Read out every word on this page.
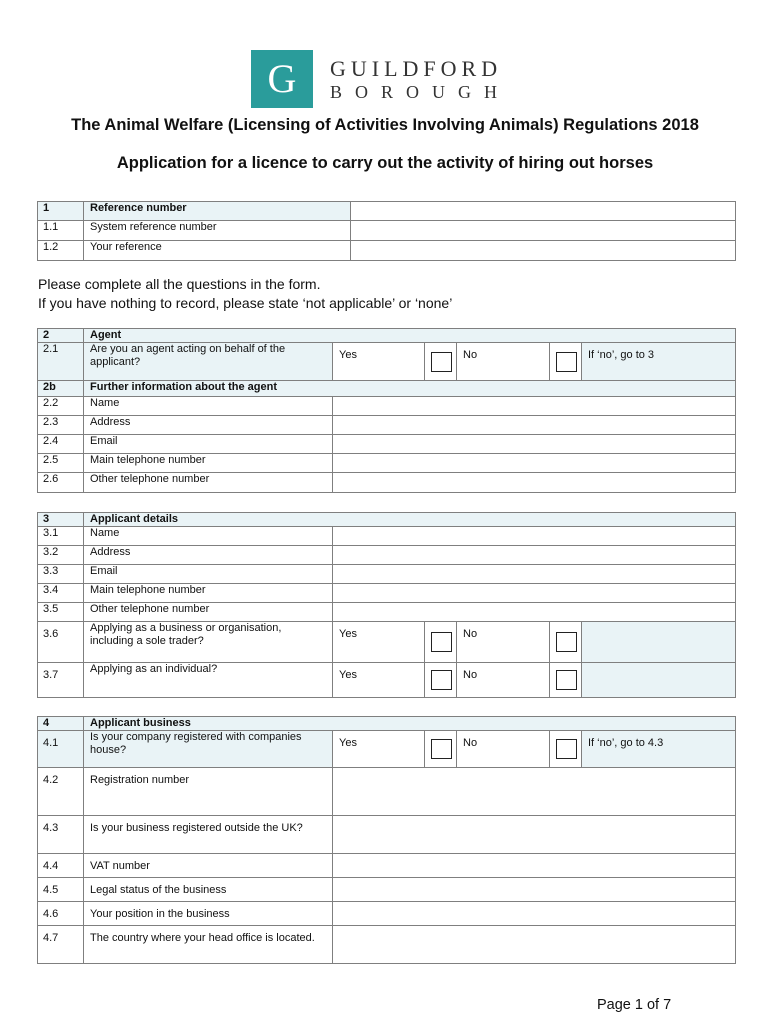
G	GUILDFORD
BOROUGH
The Animal Welfare (Licensing of Activities Involving Animals) Regulations 2018
Application for a licence to carry out the activity of hiring out horses
1	Reference number	
1.1	System reference number	
1.2	Your reference	
Please complete all the questions in the form.
If you have nothing to record, please state ‘not applicable’ or ‘none’
2	Agent					
2.1	Are you an agent acting on behalf of the applicant?	Yes		No		If ‘no’, go to 3
2b	Further information about the agent					
2.2	Name					
2.3	Address					
2.4	Email					
2.5	Main telephone number					
2.6	Other telephone number					
3	Applicant details					
3.1	Name					
3.2	Address					
3.3	Email					
3.4	Main telephone number					
3.5	Other telephone number					
3.6	Applying as a business or organisation, including a sole trader?	Yes		No		
3.7	Applying as an individual?	Yes		No		
4	Applicant business					
4.1	Is your company registered with companies house?	Yes		No		If ‘no’, go to 4.3
4.2	Registration number					
4.3	Is your business registered outside the UK?					
4.4	VAT number					
4.5	Legal status of the business					
4.6	Your position in the business					
4.7	The country where your head office is located.					
Page 1 of 7
